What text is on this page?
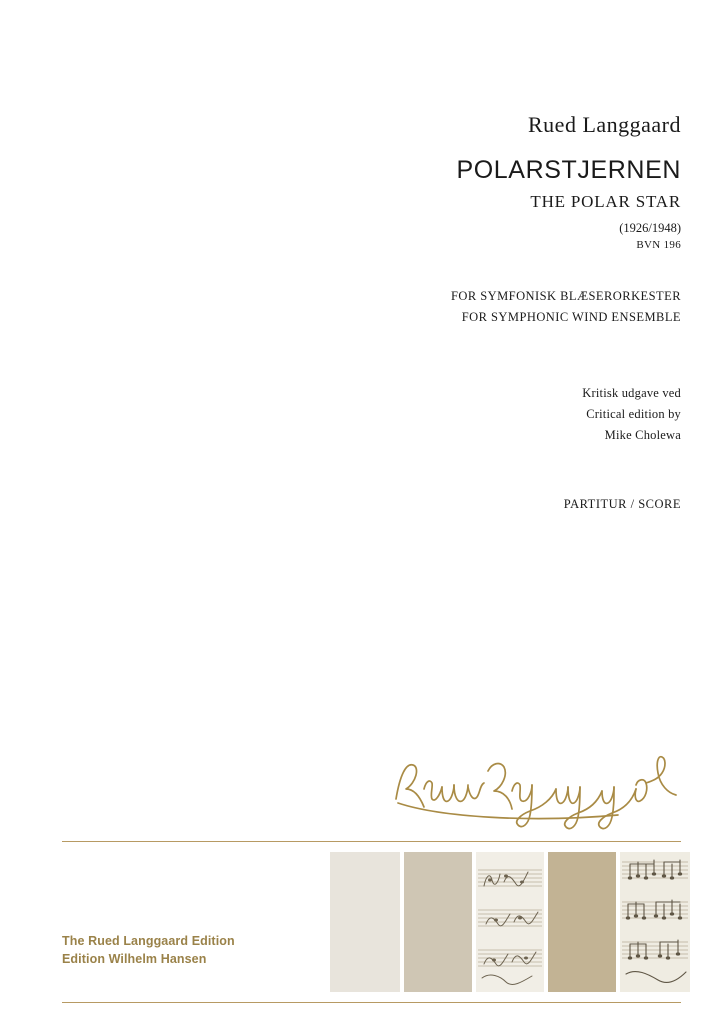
Rued Langgaard
POLARSTJERNEN
THE POLAR STAR
(1926/1948)
BVN 196
FOR SYMFONISK BLÆSERORKESTER
FOR SYMPHONIC WIND ENSEMBLE
Kritisk udgave ved
Critical edition by
Mike Cholewa
PARTITUR / SCORE
The Rued Langgaard Edition
Edition Wilhelm Hansen
